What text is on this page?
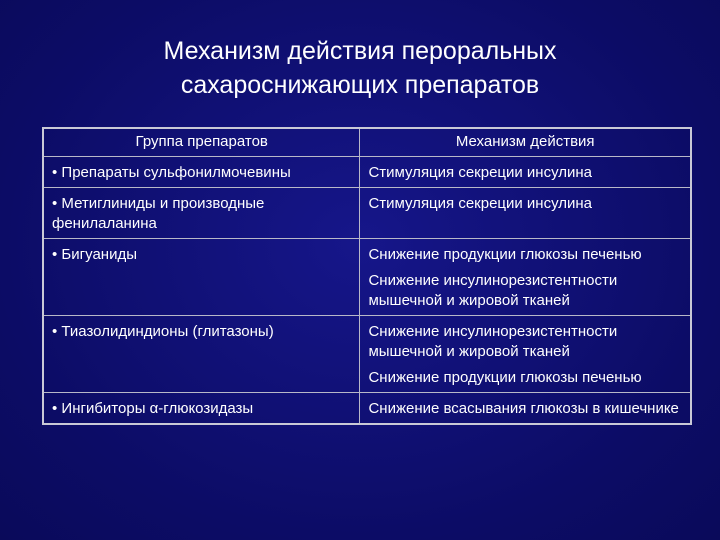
Механизм действия пероральных
сахароснижающих препаратов
Группа препаратов	Механизм действия
• Препараты сульфонилмочевины	Стимуляция секреции инсулина

• Метиглиниды и производные фенилаланина	Стимуляция секреции инсулина

• Бигуаниды	Снижение продукции глюкозы печенью
Снижение инсулинорезистентности мышечной и жировой тканей

• Тиазолидиндионы (глитазоны)	Снижение инсулинорезистентности мышечной и жировой тканей
Снижение продукции глюкозы печенью

• Ингибиторы α-глюкозидазы	Снижение всасывания глюкозы в кишечнике
